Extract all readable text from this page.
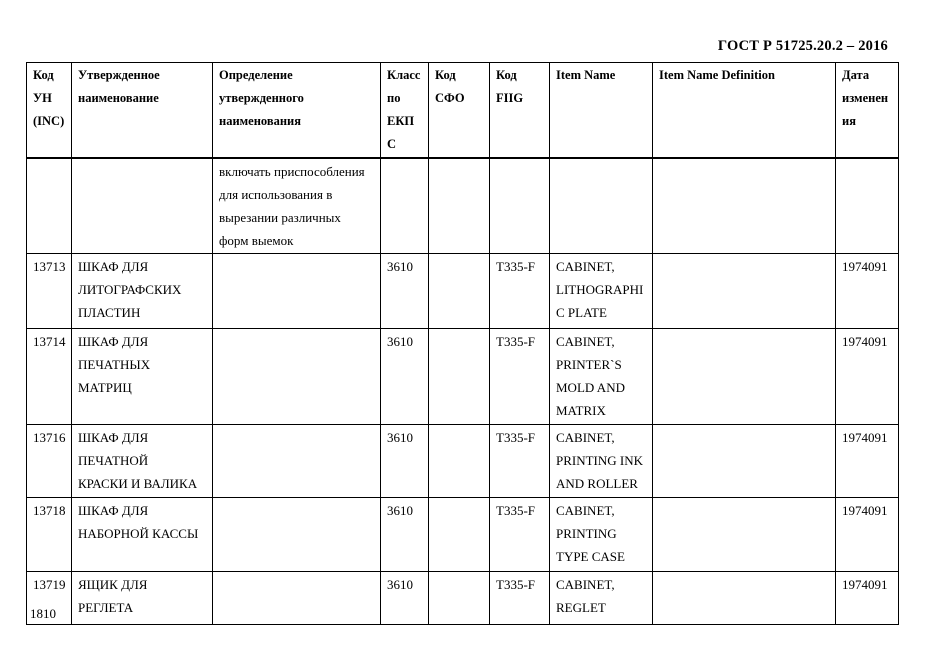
ГОСТ Р 51725.20.2 – 2016
Код
УН
(INC)	Утвержденное
наименование	Определение
утвержденного
наименования	Класс
по
ЕКПС	Код
СФО	Код
FIIG	Item Name	Item Name Definition	Дата
изменен
ия
		включать приспособления
для использования в
вырезании различных
форм выемок						
13713	ШКАФ ДЛЯ
ЛИТОГРАФСКИХ
ПЛАСТИН		3610		T335-F	CABINET,
LITHOGRAPHI
C PLATE		1974091
13714	ШКАФ ДЛЯ
ПЕЧАТНЫХ
МАТРИЦ		3610		T335-F	CABINET,
PRINTER`S
MOLD AND
MATRIX		1974091
13716	ШКАФ ДЛЯ
ПЕЧАТНОЙ
КРАСКИ И ВАЛИКА		3610		T335-F	CABINET,
PRINTING INK
AND ROLLER		1974091
13718	ШКАФ ДЛЯ
НАБОРНОЙ КАССЫ		3610		T335-F	CABINET,
PRINTING
TYPE CASE		1974091
13719	ЯЩИК ДЛЯ
РЕГЛЕТА		3610		T335-F	CABINET,
REGLET		1974091
1810
